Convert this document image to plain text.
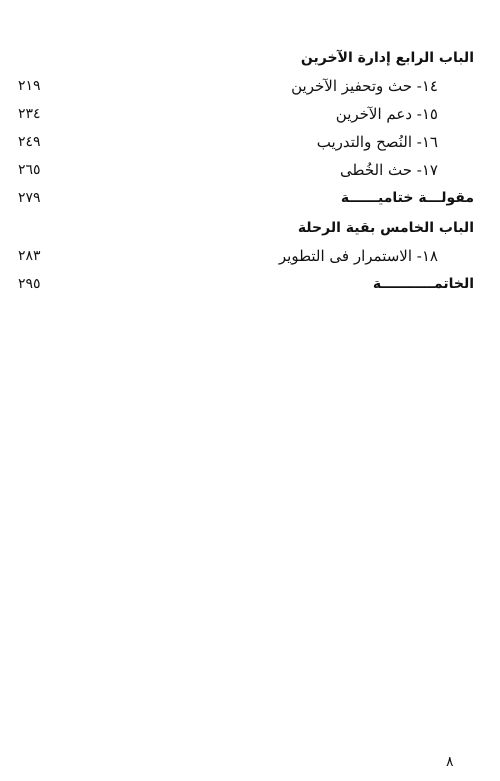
الباب الرابع إدارة الآخرين
١٤- حث وتحفيز الآخرين
٢١٩
١٥- دعم الآخرين
٢٣٤
١٦- النُصح والتدريب
٢٤٩
١٧- حث الخُطى
٢٦٥
مقولـــة ختاميــــــة
٢٧٩
الباب الخامس بقية الرحلة
١٨- الاستمرار فى التطوير
٢٨٣
الخاتمـــــــــــة
٢٩٥
٨
